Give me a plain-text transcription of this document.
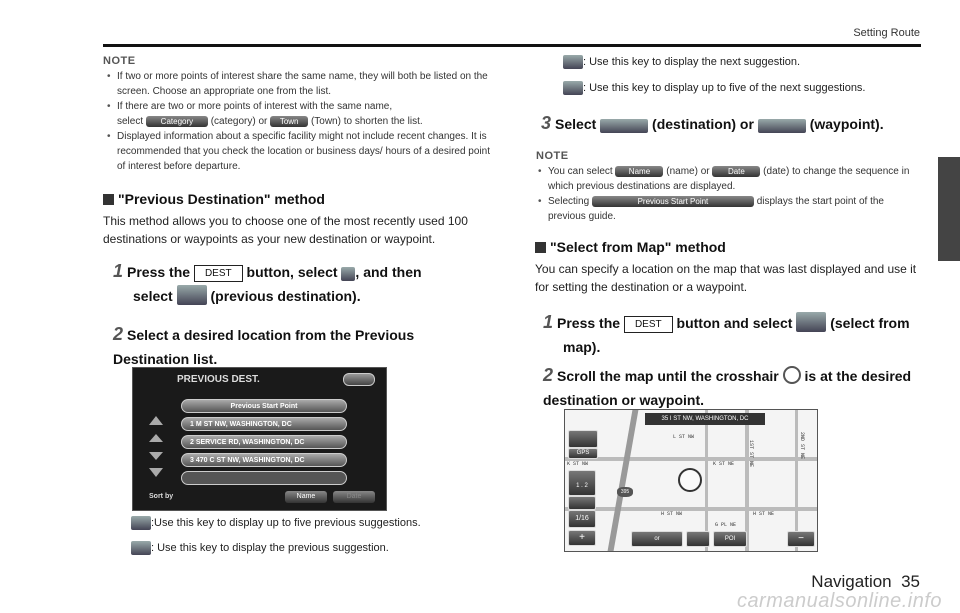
Setting Route
NOTE
• If two or more points of interest share the same name, they will both be listed on the screen. Choose an appropriate one from the list.
• If there are two or more points of interest with the same name,
select Category (category) or Town (Town) to shorten the list.
• Displayed information about a specific facility might not include recent changes. It is recommended that you check the location or business days/ hours of a desired point of interest before departure.
"Previous Destination" method
This method allows you to choose one of the most recently used 100 destinations or waypoints as your new destination or waypoint.
1 Press the DEST button, select , and then
select	(previous destination).
2 Select a desired location from the Previous Destination list.
PREVIOUS DEST.
Previous Start Point
1 M ST NW, WASHINGTON, DC
2 SERVICE RD, WASHINGTON, DC
3 470 C ST NW, WASHINGTON, DC
Sort by	Name	Date
:Use this key to display up to five previous suggestions.
: Use this key to display the previous suggestion.
: Use this key to display the next suggestion.
: Use this key to display up to five of the next suggestions.
3 Select	(destination) or	(waypoint).
NOTE
• You can select Name (name) or Date (date) to change the sequence in which previous destinations are displayed.
• Selecting	Previous Start Point	displays the start point of the previous guide.
"Select from Map" method
You can specify a location on the map that was last displayed and use it for setting the destination or a waypoint.
1 Press the DEST button and select	(select from
map).
2 Scroll the map until the crosshair is at the desired destination or waypoint.
35 I ST NW, WASHINGTON, DC
L ST NW
K ST NW	K ST NE
H ST NW	H ST NE
G PL NE
1ST ST NE	2ND ST NE
395
GPS
1 . 2
1/16
+	or	POI	−
Navigation 35
carmanualsonline.info
